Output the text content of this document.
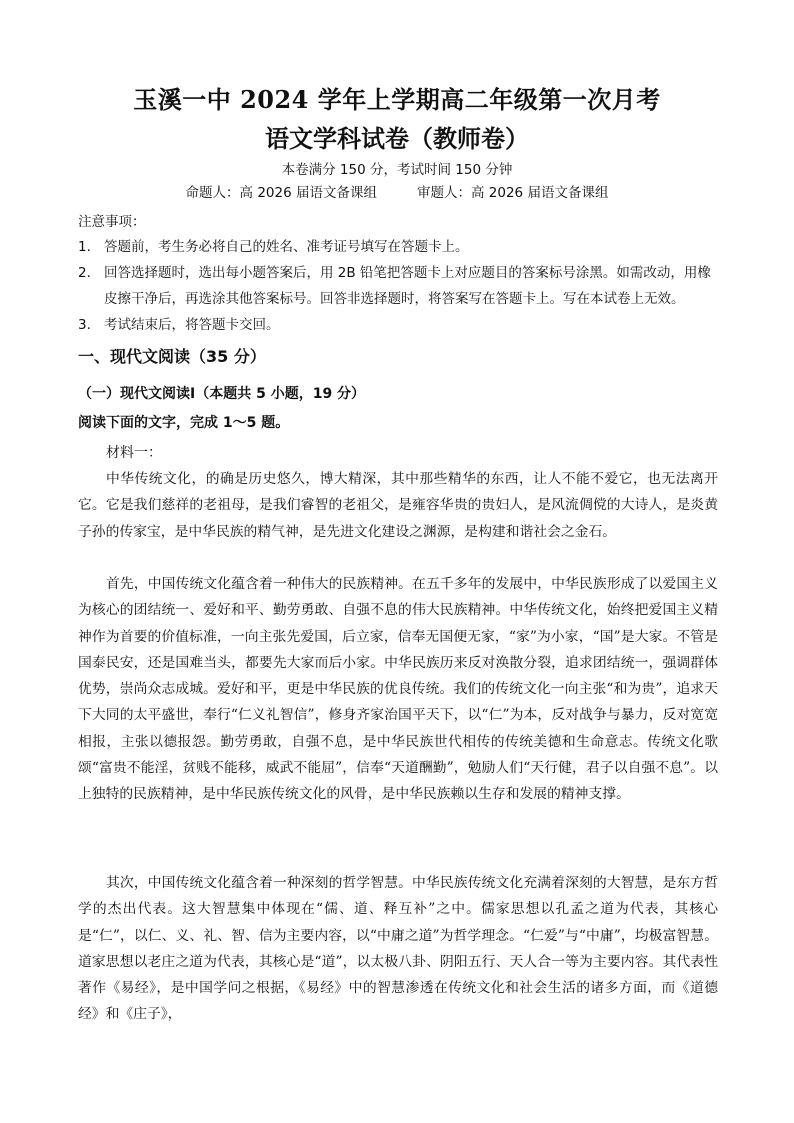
玉溪一中 2024 学年上学期高二年级第一次月考
语文学科试卷（教师卷）
本卷满分 150 分，考试时间 150 分钟
命题人：高 2026 届语文备课组	审题人：高 2026 届语文备课组
注意事项：
1. 答题前，考生务必将自己的姓名、准考证号填写在答题卡上。
2. 回答选择题时，选出每小题答案后，用 2B 铅笔把答题卡上对应题目的答案标号涂黑。如需改动，用橡皮擦干净后，再选涂其他答案标号。回答非选择题时，将答案写在答题卡上。写在本试卷上无效。
3. 考试结束后，将答题卡交回。
一、现代文阅读（35 分）
（一）现代文阅读Ⅰ（本题共 5 小题，19 分）
阅读下面的文字，完成 1～5 题。
材料一：

中华传统文化，的确是历史悠久，博大精深，其中那些精华的东西，让人不能不爱它，也无法离开它。它是我们慈祥的老祖母，是我们睿智的老祖父，是雍容华贵的贵妇人，是风流倜傥的大诗人，是炎黄子孙的传家宝，是中华民族的精气神，是先进文化建设之渊源，是构建和谐社会之金石。

首先，中国传统文化蕴含着一种伟大的民族精神。在五千多年的发展中，中华民族形成了以爱国主义为核心的团结统一、爱好和平、勤劳勇敢、自强不息的伟大民族精神。中华传统文化，始终把爱国主义精神作为首要的价值标准，一向主张先爱国，后立家，信奉无国便无家，“家”为小家，“国”是大家。不管是国泰民安，还是国难当头，都要先大家而后小家。中华民族历来反对涣散分裂，追求团结统一，强调群体优势，崇尚众志成城。爱好和平，更是中华民族的优良传统。我们的传统文化一向主张“和为贵”，追求天下大同的太平盛世，奉行“仁义礼智信”，修身齐家治国平天下，以“仁”为本，反对战争与暴力，反对宽宽相报，主张以德报怨。勤劳勇敢，自强不息，是中华民族世代相传的传统美德和生命意志。传统文化歌颂“富贵不能淫，贫贱不能移，威武不能屈”，信奉“天道酬勤”，勉励人们“天行健，君子以自强不息”。以上独特的民族精神，是中华民族传统文化的风骨，是中华民族赖以生存和发展的精神支撑。

其次，中国传统文化蕴含着一种深刻的哲学智慧。中华民族传统文化充满着深刻的大智慧，是东方哲学的杰出代表。这大智慧集中体现在“儒、道、释互补”之中。儒家思想以孔孟之道为代表，其核心是“仁”，以仁、义、礼、智、信为主要内容，以“中庸之道”为哲学理念。“仁爱”与“中庸”，均极富智慧。道家思想以老庄之道为代表，其核心是“道”，以太极八卦、阴阳五行、天人合一等为主要内容。其代表性著作《易经》，是中国学问之根据，《易经》中的智慧渗透在传统文化和社会生活的诸多方面，而《道德经》和《庄子》，
